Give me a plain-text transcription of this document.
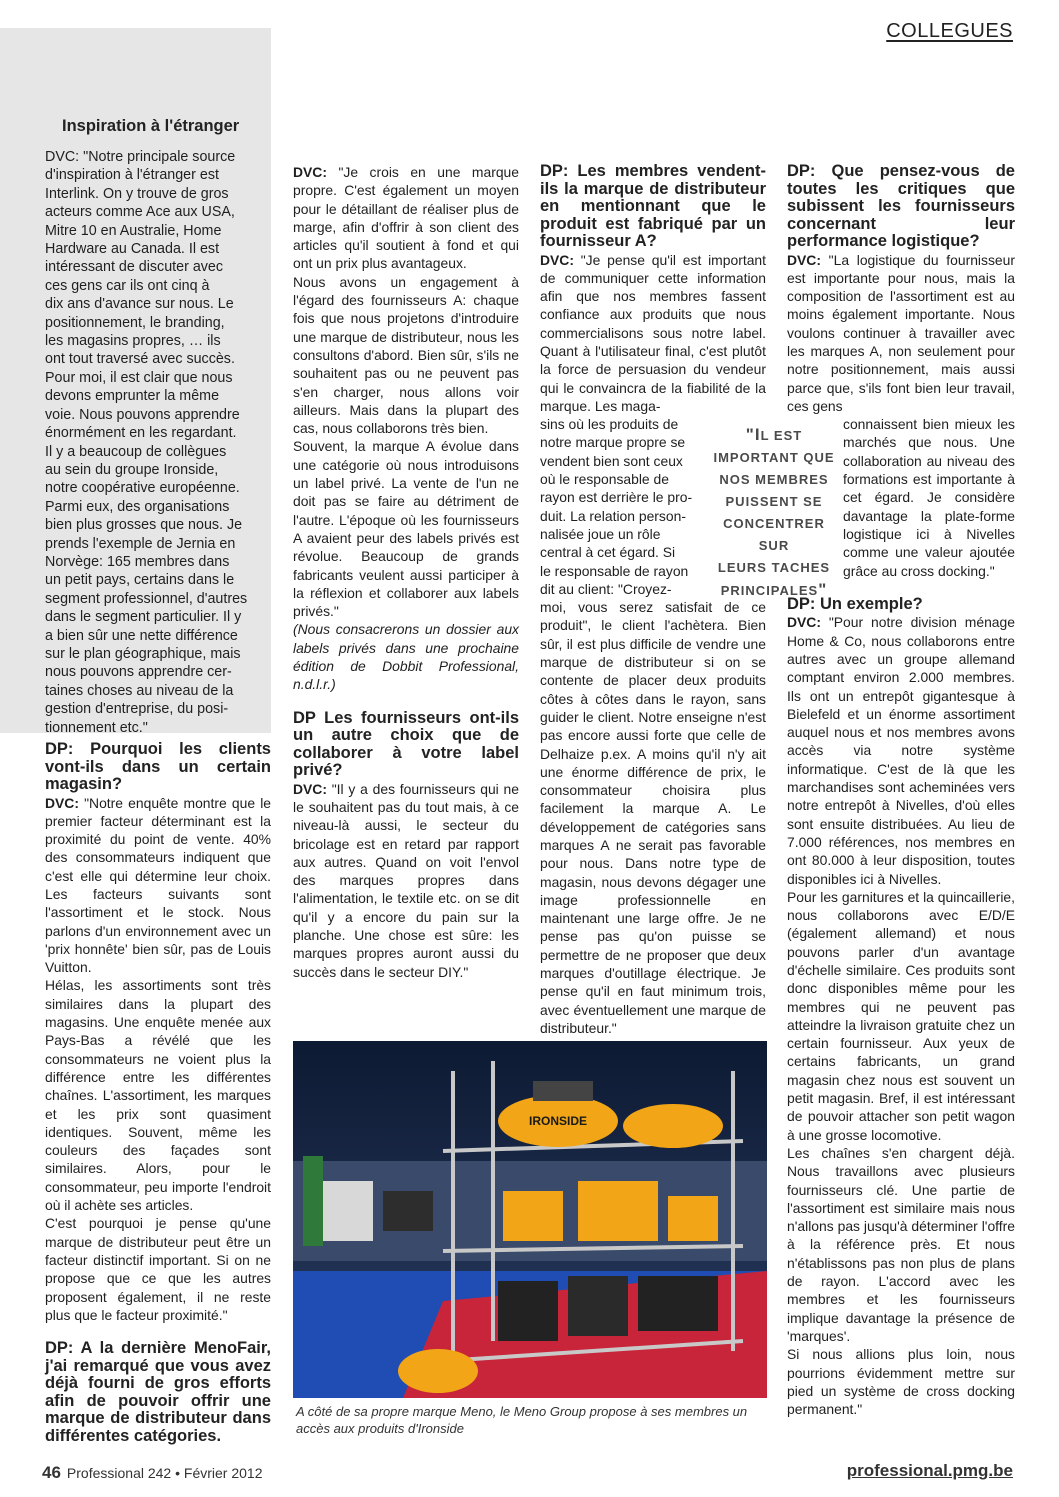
COLLEGUES
Inspiration à l'étranger
DVC: "Notre principale source
d'inspiration à l'étranger est
Interlink. On y trouve de gros
acteurs comme Ace aux USA,
Mitre 10 en Australie, Home
Hardware au Canada. Il est
intéressant de discuter avec
ces gens car ils ont cinq à
dix ans d'avance sur nous. Le
positionnement, le branding,
les magasins propres, … ils
ont tout traversé avec succès.
Pour moi, il est clair que nous
devons emprunter la même
voie. Nous pouvons apprendre
énormément en les regardant.
Il y a beaucoup de collègues
au sein du groupe Ironside,
notre coopérative européenne.
Parmi eux, des organisations
bien plus grosses que nous. Je
prends l'exemple de Jernia en
Norvège: 165 membres dans
un petit pays, certains dans le
segment professionnel, d'autres
dans le segment particulier. Il y
a bien sûr une nette différence
sur le plan géographique, mais
nous pouvons apprendre cer-
taines choses au niveau de la
gestion d'entreprise, du posi-
tionnement etc."

DP: Pourquoi les clients vont-ils dans un certain magasin?

DVC: "Notre enquête montre que le premier facteur déterminant est la proximité du point de vente. 40% des consommateurs indiquent que c'est elle qui détermine leur choix. Les facteurs suivants sont l'assortiment et le stock. Nous parlons d'un environnement avec un 'prix honnête' bien sûr, pas de Louis Vuitton.

Hélas, les assortiments sont très similaires dans la plupart des magasins. Une enquête menée aux Pays-Bas a révélé que les consommateurs ne voient plus la différence entre les différentes chaînes. L'assortiment, les marques et les prix sont quasiment identiques. Souvent, même les couleurs des façades sont similaires. Alors, pour le consommateur, peu importe l'endroit où il achète ses articles.

C'est pourquoi je pense qu'une marque de distributeur peut être un facteur distinctif important. Si on ne propose que ce que les autres proposent également, il ne reste plus que le facteur proximité."

DP: A la dernière MenoFair, j'ai remarqué que vous avez déjà fourni de gros efforts afin de pouvoir offrir une marque de distributeur dans différentes catégories.

DVC: "Je crois en une marque propre. C'est également un moyen pour le détaillant de réaliser plus de marge, afin d'offrir à son client des articles qu'il soutient à fond et qui ont un prix plus avantageux.

Nous avons un engagement à l'égard des fournisseurs A: chaque fois que nous projetons d'introduire une marque de distributeur, nous les consultons d'abord. Bien sûr, s'ils ne souhaitent pas ou ne peuvent pas s'en charger, nous allons voir ailleurs. Mais dans la plupart des cas, nous collaborons très bien.

Souvent, la marque A évolue dans une catégorie où nous introduisons un label privé. La vente de l'un ne doit pas se faire au détriment de l'autre. L'époque où les fournisseurs A avaient peur des labels privés est révolue. Beaucoup de grands fabricants veulent aussi participer à la réflexion et collaborer aux labels privés."

(Nous consacrerons un dossier aux labels privés dans une prochaine édition de Dobbit Professional, n.d.l.r.)

DP Les fournisseurs ont-ils un autre choix que de collaborer à votre label privé?

DVC: "Il y a des fournisseurs qui ne le souhaitent pas du tout mais, à ce niveau-là aussi, le secteur du bricolage est en retard par rapport aux autres. Quand on voit l'envol des marques propres dans l'alimentation, le textile etc. on se dit qu'il y a encore du pain sur la planche. Une chose est sûre: les marques propres auront aussi du succès dans le secteur DIY."

DP: Les membres vendent-ils la marque de distributeur en mentionnant que le produit est fabriqué par un fournisseur A?

DVC: "Je pense qu'il est important de communiquer cette information afin que nos membres fassent confiance aux produits que nous commercialisons sous notre label. Quant à l'utilisateur final, c'est plutôt la force de persuasion du vendeur qui le convaincra de la fiabilité de la marque. Les maga-

sins où les produits de
notre marque propre se
vendent bien sont ceux
où le responsable de
rayon est derrière le pro-
duit. La relation person-
nalisée joue un rôle
central à cet égard. Si
le responsable de rayon
dit au client: "Croyez-

moi, vous serez satisfait de ce produit", le client l'achètera. Bien sûr, il est plus difficile de vendre une marque de distributeur si on se contente de placer deux produits côtes à côtes dans le rayon, sans guider le client. Notre enseigne n'est pas encore aussi forte que celle de Delhaize p.ex. A moins qu'il n'y ait une énorme différence de prix, le consommateur choisira plus facilement la marque A. Le développement de catégories sans marques A ne serait pas favorable pour nous. Dans notre type de magasin, nous devons dégager une image professionnelle en maintenant une large offre. Je ne pense pas qu'on puisse se permettre de ne proposer que deux marques d'outillage électrique. Je pense qu'il en faut minimum trois, avec éventuellement une marque de distributeur."

"IL EST
IMPORTANT QUE
NOS MEMBRES
PUISSENT SE
CONCENTRER SUR
LEURS TACHES
PRINCIPALES"

DP: Que pensez-vous de toutes les critiques que subissent les fournisseurs concernant leur performance logistique?

DVC: "La logistique du fournisseur est importante pour nous, mais la composition de l'assortiment est au moins également importante. Nous voulons continuer à travailler avec les marques A, non seulement pour notre positionnement, mais aussi parce que, s'ils font bien leur travail, ces gens

connaissent bien mieux les marchés que nous. Une collaboration au niveau des formations est importante à cet égard. Je considère davantage la plate-forme logistique ici à Nivelles comme une valeur ajoutée grâce au cross docking."

DP: Un exemple?

DVC: "Pour notre division ménage Home & Co, nous collaborons entre autres avec un groupe allemand comptant environ 2.000 membres. Ils ont un entrepôt gigantesque à Bielefeld et un énorme assortiment auquel nous et nos membres avons accès via notre système informatique. C'est de là que les marchandises sont acheminées vers notre entrepôt à Nivelles, d'où elles sont ensuite distribuées. Au lieu de 7.000 références, nos membres en ont 80.000 à leur disposition, toutes disponibles ici à Nivelles.

Pour les garnitures et la quincaillerie, nous collaborons avec E/D/E (également allemand) et nous pouvons parler d'un avantage d'échelle similaire. Ces produits sont donc disponibles même pour les membres qui ne peuvent pas atteindre la livraison gratuite chez un certain fournisseur. Aux yeux de certains fabricants, un grand magasin chez nous est souvent un petit magasin. Bref, il est intéressant de pouvoir attacher son petit wagon à une grosse locomotive.

Les chaînes s'en chargent déjà. Nous travaillons avec plusieurs fournisseurs clé. Une partie de l'assortiment est similaire mais nous n'allons pas jusqu'à déterminer l'offre à la référence près. Et nous n'établissons pas non plus de plans de rayon. L'accord avec les membres et les fournisseurs implique davantage la présence de 'marques'.

Si nous allions plus loin, nous pourrions évidemment mettre sur pied un système de cross docking permanent."

IRONSIDE
A côté de sa propre marque Meno, le Meno Group propose à ses membres un accès aux produits d'Ironside
46 Professional 242 • Février 2012	professional.pmg.be
